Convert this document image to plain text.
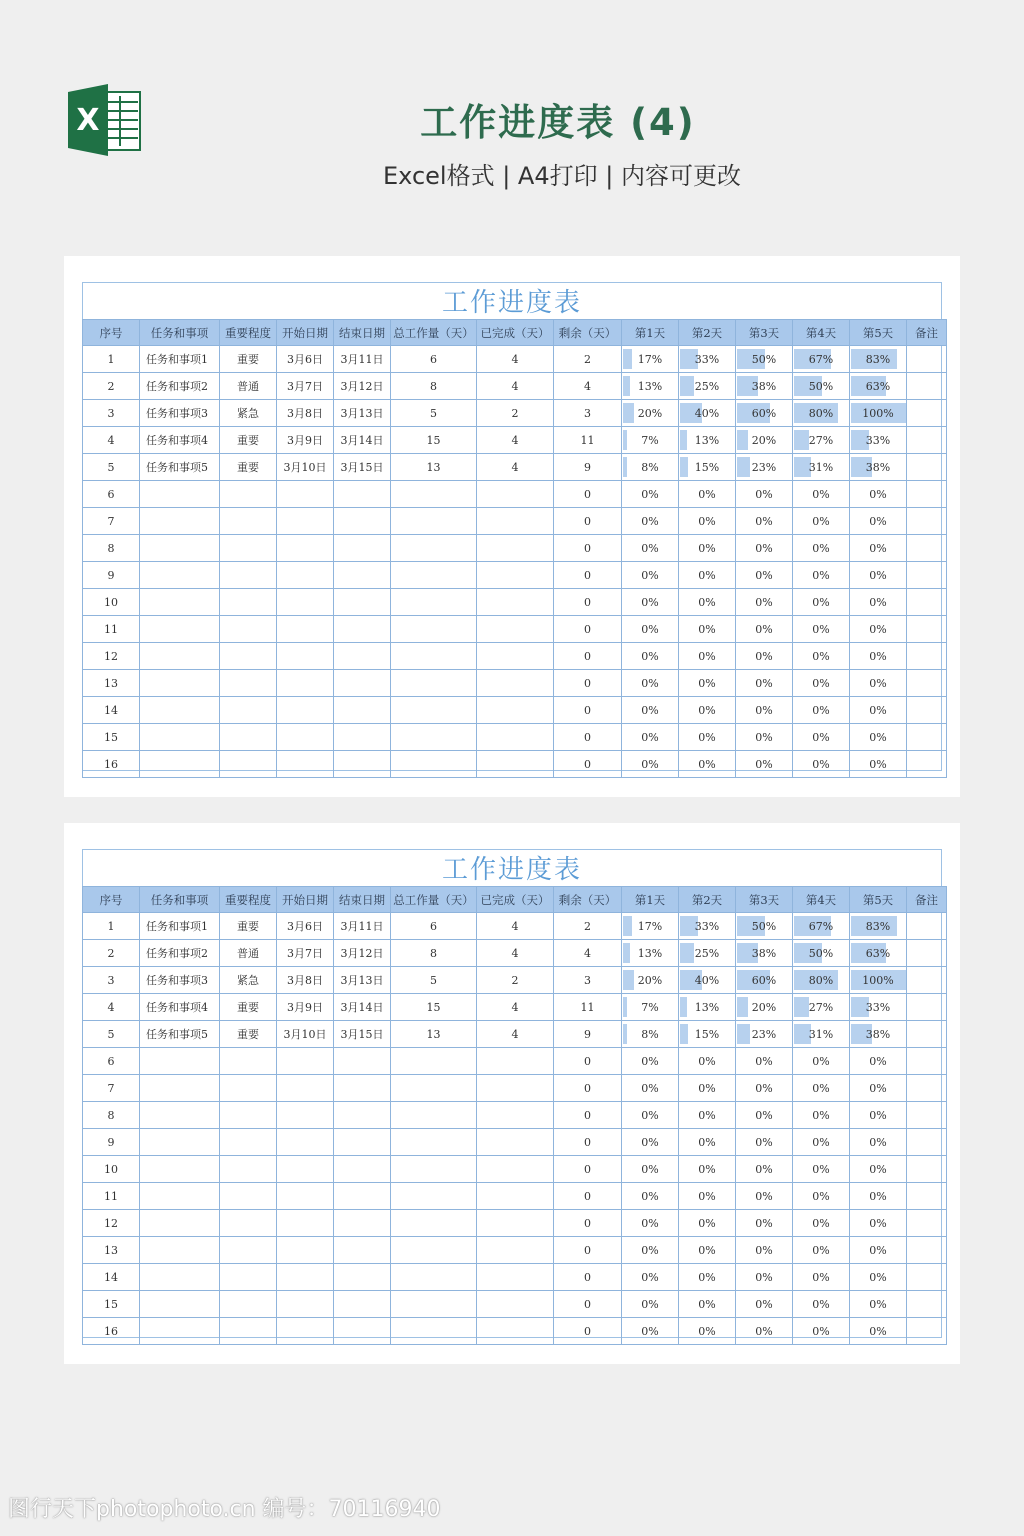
X	工作进度表 (4)
Excel格式 | A4打印 | 内容可更改
工作进度表
序号	任务和事项	重要程度	开始日期	结束日期	总工作量（天）	已完成（天）	剩余（天）	第1天	第2天	第3天	第4天	第5天	备注
1	任务和事项1	重要	3月6日	3月11日	6	4	2	17%	33%	50%	67%	83%	
2	任务和事项2	普通	3月7日	3月12日	8	4	4	13%	25%	38%	50%	63%	
3	任务和事项3	紧急	3月8日	3月13日	5	2	3	20%	40%	60%	80%	100%	
4	任务和事项4	重要	3月9日	3月14日	15	4	11	7%	13%	20%	27%	33%	
5	任务和事项5	重要	3月10日	3月15日	13	4	9	8%	15%	23%	31%	38%	
6							0	0%	0%	0%	0%	0%	
7							0	0%	0%	0%	0%	0%	
8							0	0%	0%	0%	0%	0%	
9							0	0%	0%	0%	0%	0%	
10							0	0%	0%	0%	0%	0%	
11							0	0%	0%	0%	0%	0%	
12							0	0%	0%	0%	0%	0%	
13							0	0%	0%	0%	0%	0%	
14							0	0%	0%	0%	0%	0%	
15							0	0%	0%	0%	0%	0%	
16							0	0%	0%	0%	0%	0%	
工作进度表
序号	任务和事项	重要程度	开始日期	结束日期	总工作量（天）	已完成（天）	剩余（天）	第1天	第2天	第3天	第4天	第5天	备注
1	任务和事项1	重要	3月6日	3月11日	6	4	2	17%	33%	50%	67%	83%	
2	任务和事项2	普通	3月7日	3月12日	8	4	4	13%	25%	38%	50%	63%	
3	任务和事项3	紧急	3月8日	3月13日	5	2	3	20%	40%	60%	80%	100%	
4	任务和事项4	重要	3月9日	3月14日	15	4	11	7%	13%	20%	27%	33%	
5	任务和事项5	重要	3月10日	3月15日	13	4	9	8%	15%	23%	31%	38%	
6							0	0%	0%	0%	0%	0%	
7							0	0%	0%	0%	0%	0%	
8							0	0%	0%	0%	0%	0%	
9							0	0%	0%	0%	0%	0%	
10							0	0%	0%	0%	0%	0%	
11							0	0%	0%	0%	0%	0%	
12							0	0%	0%	0%	0%	0%	
13							0	0%	0%	0%	0%	0%	
14							0	0%	0%	0%	0%	0%	
15							0	0%	0%	0%	0%	0%	
16							0	0%	0%	0%	0%	0%	
图行天下photophoto.cn 编号：70116940
